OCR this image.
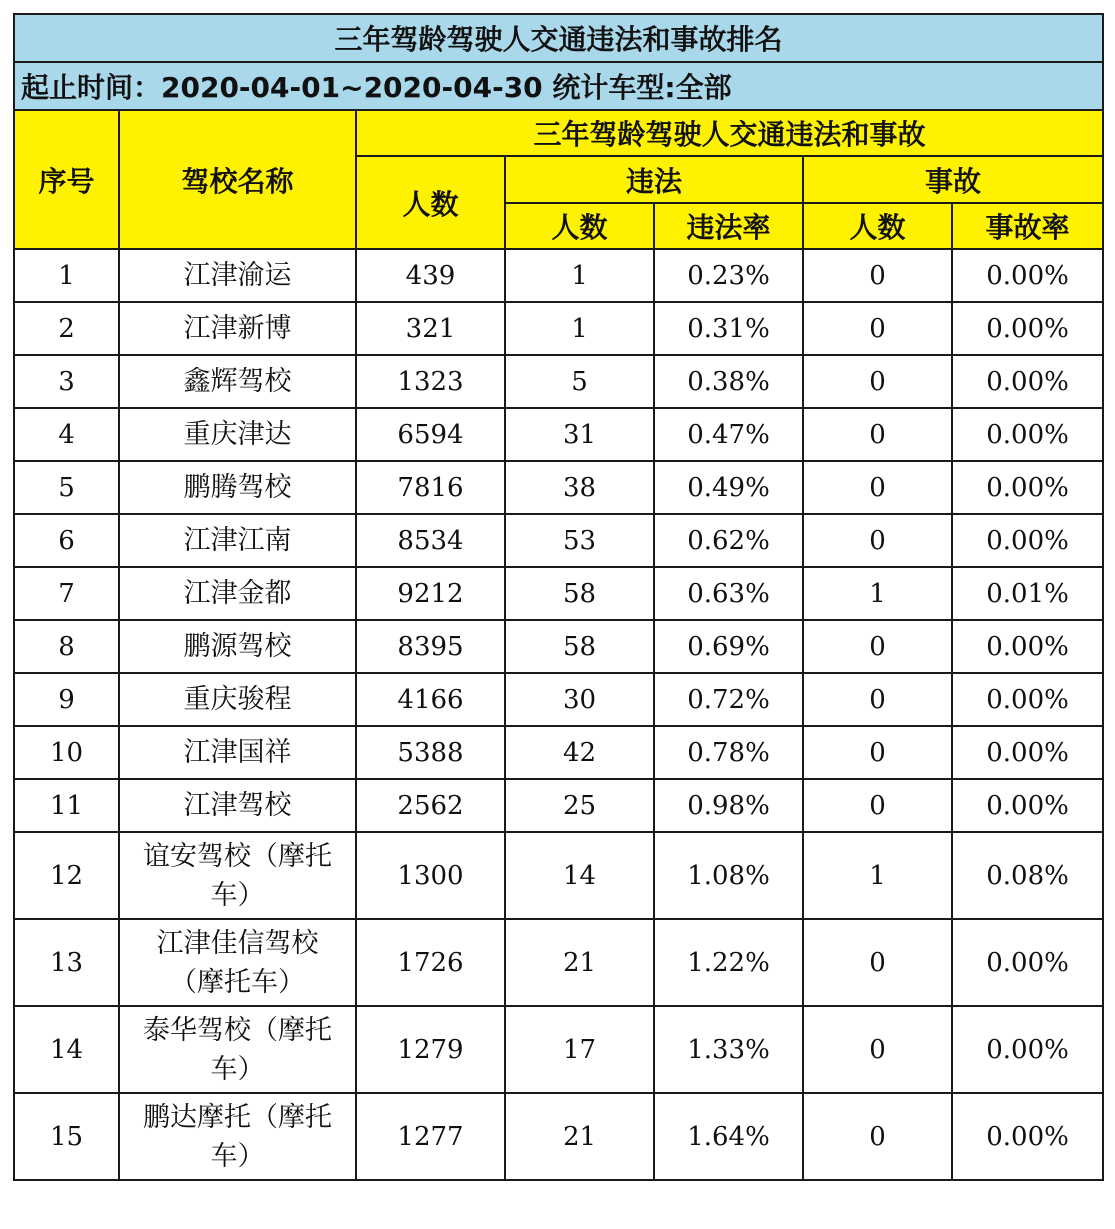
三年驾龄驾驶人交通违法和事故排名						
起止时间：2020-04-01~2020-04-30 统计车型:全部						
序号	驾校名称	三年驾龄驾驶人交通违法和事故				
		人数	违法		事故	
			人数	违法率	人数	事故率
1	江津渝运	439	1	0.23%	0	0.00%
2	江津新博	321	1	0.31%	0	0.00%
3	鑫辉驾校	1323	5	0.38%	0	0.00%
4	重庆津达	6594	31	0.47%	0	0.00%
5	鹏腾驾校	7816	38	0.49%	0	0.00%
6	江津江南	8534	53	0.62%	0	0.00%
7	江津金都	9212	58	0.63%	1	0.01%
8	鹏源驾校	8395	58	0.69%	0	0.00%
9	重庆骏程	4166	30	0.72%	0	0.00%
10	江津国祥	5388	42	0.78%	0	0.00%
11	江津驾校	2562	25	0.98%	0	0.00%
12	谊安驾校（摩托车）	1300	14	1.08%	1	0.08%
13	江津佳信驾校（摩托车）	1726	21	1.22%	0	0.00%
14	泰华驾校（摩托车）	1279	17	1.33%	0	0.00%
15	鹏达摩托（摩托车）	1277	21	1.64%	0	0.00%
